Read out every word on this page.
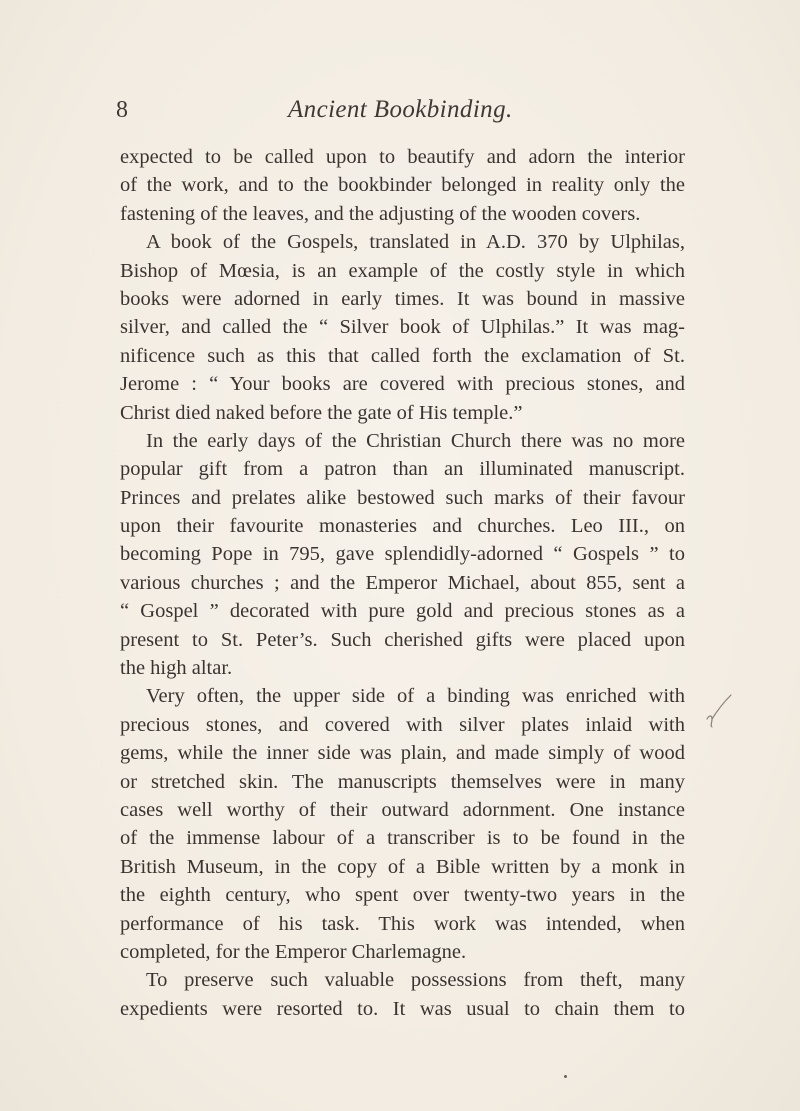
8	Ancient Bookbinding.
expected to be called upon to beautify and adorn the interior
of the work, and to the bookbinder belonged in reality only the
fastening of the leaves, and the adjusting of the wooden covers.
A book of the Gospels, translated in A.D. 370 by Ulphilas,
Bishop of Mœsia, is an example of the costly style in which
books were adorned in early times. It was bound in massive
silver, and called the “ Silver book of Ulphilas.” It was mag-
nificence such as this that called forth the exclamation of St.
Jerome : “ Your books are covered with precious stones, and
Christ died naked before the gate of His temple.”
In the early days of the Christian Church there was no more
popular gift from a patron than an illuminated manuscript.
Princes and prelates alike bestowed such marks of their favour
upon their favourite monasteries and churches. Leo III., on
becoming Pope in 795, gave splendidly-adorned “ Gospels ” to
various churches ; and the Emperor Michael, about 855, sent a
“ Gospel ” decorated with pure gold and precious stones as a
present to St. Peter’s. Such cherished gifts were placed upon
the high altar.
Very often, the upper side of a binding was enriched with
precious stones, and covered with silver plates inlaid with
gems, while the inner side was plain, and made simply of wood
or stretched skin. The manuscripts themselves were in many
cases well worthy of their outward adornment. One instance
of the immense labour of a transcriber is to be found in the
British Museum, in the copy of a Bible written by a monk in
the eighth century, who spent over twenty-two years in the
performance of his task. This work was intended, when
completed, for the Emperor Charlemagne.
To preserve such valuable possessions from theft, many
expedients were resorted to. It was usual to chain them to
